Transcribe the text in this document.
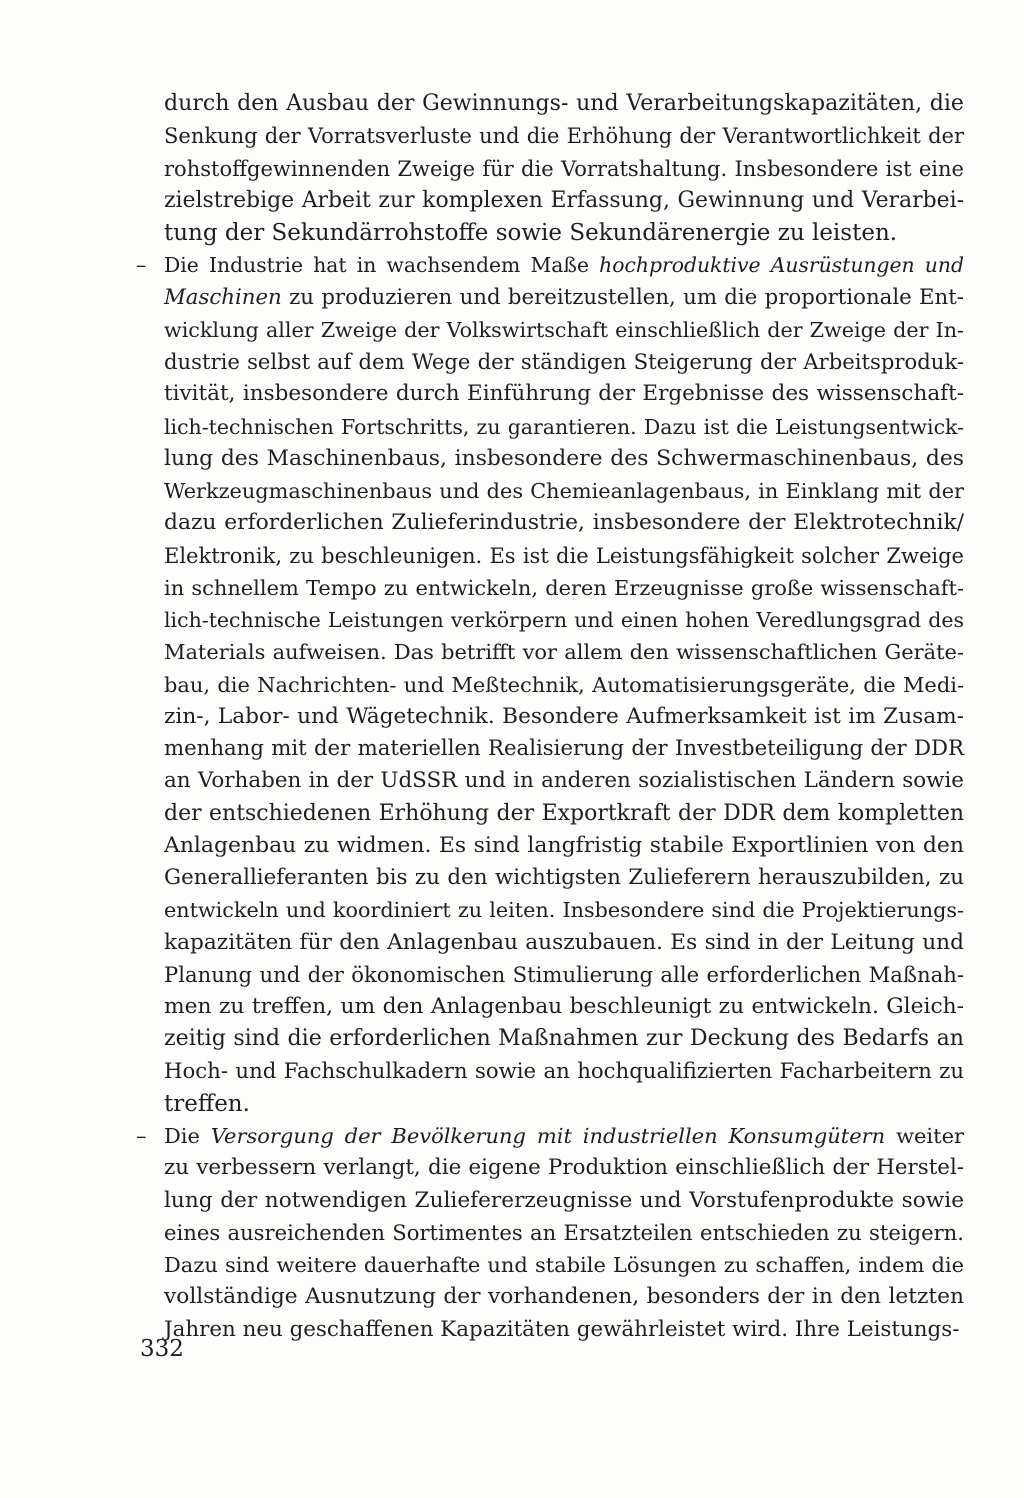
durch den Ausbau der Gewinnungs- und Verarbeitungskapazitäten, die
Senkung der Vorratsverluste und die Erhöhung der Verantwortlichkeit der
rohstoffgewinnenden Zweige für die Vorratshaltung. Insbesondere ist eine
zielstrebige Arbeit zur komplexen Erfassung, Gewinnung und Verarbei-
tung der Sekundärrohstoffe sowie Sekundärenergie zu leisten.
– Die Industrie hat in wachsendem Maße hochproduktive Ausrüstungen und
Maschinen zu produzieren und bereitzustellen, um die proportionale Ent-
wicklung aller Zweige der Volkswirtschaft einschließlich der Zweige der In-
dustrie selbst auf dem Wege der ständigen Steigerung der Arbeitsproduk-
tivität, insbesondere durch Einführung der Ergebnisse des wissenschaft-
lich-technischen Fortschritts, zu garantieren. Dazu ist die Leistungsentwick-
lung des Maschinenbaus, insbesondere des Schwermaschinenbaus, des
Werkzeugmaschinenbaus und des Chemieanlagenbaus, in Einklang mit der
dazu erforderlichen Zulieferindustrie, insbesondere der Elektrotechnik/
Elektronik, zu beschleunigen. Es ist die Leistungsfähigkeit solcher Zweige
in schnellem Tempo zu entwickeln, deren Erzeugnisse große wissenschaft-
lich-technische Leistungen verkörpern und einen hohen Veredlungsgrad des
Materials aufweisen. Das betrifft vor allem den wissenschaftlichen Geräte-
bau, die Nachrichten- und Meßtechnik, Automatisierungsgeräte, die Medi-
zin-, Labor- und Wägetechnik. Besondere Aufmerksamkeit ist im Zusam-
menhang mit der materiellen Realisierung der Investbeteiligung der DDR
an Vorhaben in der UdSSR und in anderen sozialistischen Ländern sowie
der entschiedenen Erhöhung der Exportkraft der DDR dem kompletten
Anlagenbau zu widmen. Es sind langfristig stabile Exportlinien von den
Generallieferanten bis zu den wichtigsten Zulieferern herauszubilden, zu
entwickeln und koordiniert zu leiten. Insbesondere sind die Projektierungs-
kapazitäten für den Anlagenbau auszubauen. Es sind in der Leitung und
Planung und der ökonomischen Stimulierung alle erforderlichen Maßnah-
men zu treffen, um den Anlagenbau beschleunigt zu entwickeln. Gleich-
zeitig sind die erforderlichen Maßnahmen zur Deckung des Bedarfs an
Hoch- und Fachschulkadern sowie an hochqualifizierten Facharbeitern zu
treffen.
– Die Versorgung der Bevölkerung mit industriellen Konsumgütern weiter
zu verbessern verlangt, die eigene Produktion einschließlich der Herstel-
lung der notwendigen Zuliefererzeugnisse und Vorstufenprodukte sowie
eines ausreichenden Sortimentes an Ersatzteilen entschieden zu steigern.
Dazu sind weitere dauerhafte und stabile Lösungen zu schaffen, indem die
vollständige Ausnutzung der vorhandenen, besonders der in den letzten
Jahren neu geschaffenen Kapazitäten gewährleistet wird. Ihre Leistungs-
332
